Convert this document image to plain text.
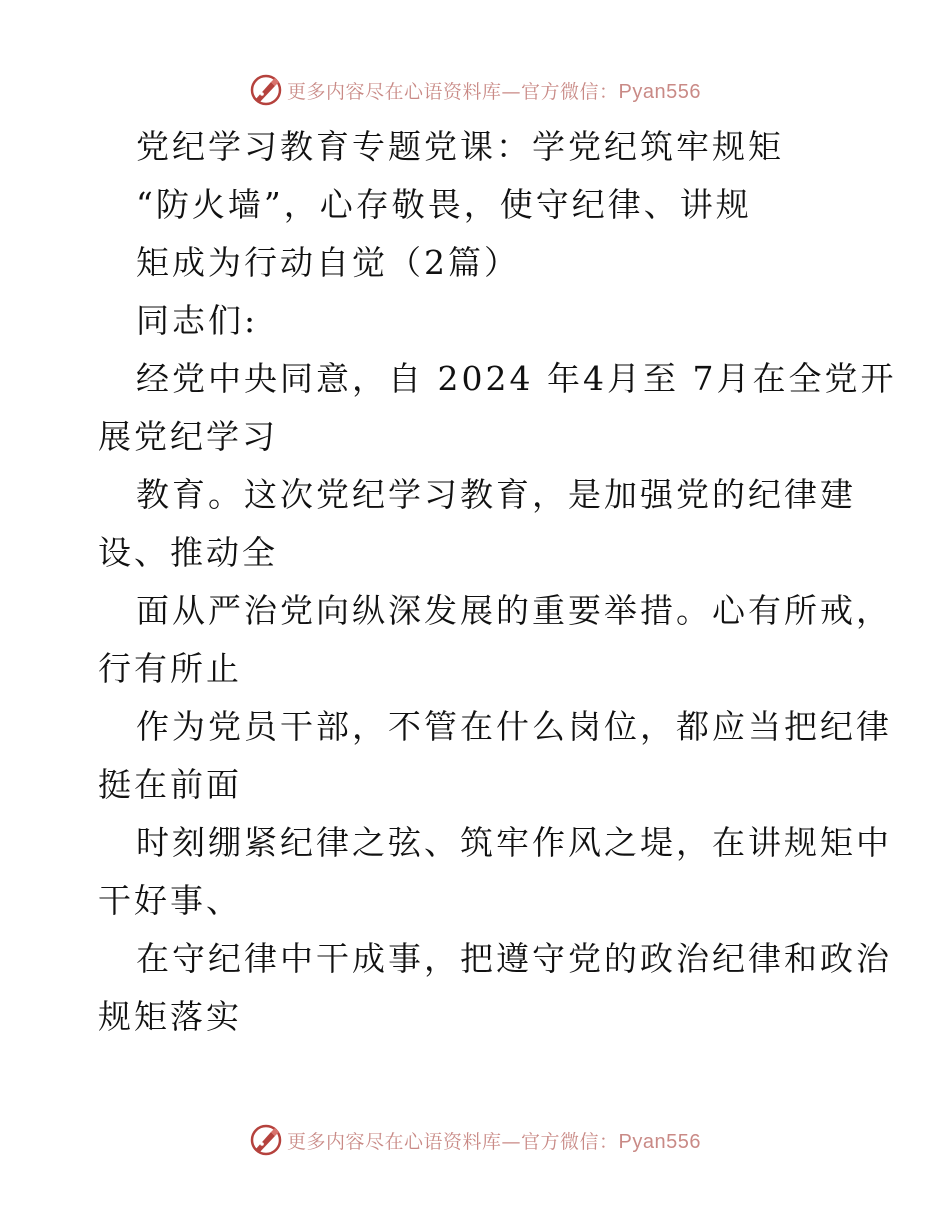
更多内容尽在心语资料库—官方微信：Pyan556
党纪学习教育专题党课：学党纪筑牢规矩
“防火墙”，心存敬畏，使守纪律、讲规
矩成为行动自觉（2篇）
同志们:
经党中央同意，自 2024 年4月至 7月在全党开
展党纪学习
教育。这次党纪学习教育，是加强党的纪律建
设、推动全
面从严治党向纵深发展的重要举措。心有所戒，
行有所止
作为党员干部，不管在什么岗位，都应当把纪律
挺在前面
时刻绷紧纪律之弦、筑牢作风之堤，在讲规矩中
干好事、
在守纪律中干成事，把遵守党的政治纪律和政治
规矩落实
更多内容尽在心语资料库—官方微信：Pyan556
